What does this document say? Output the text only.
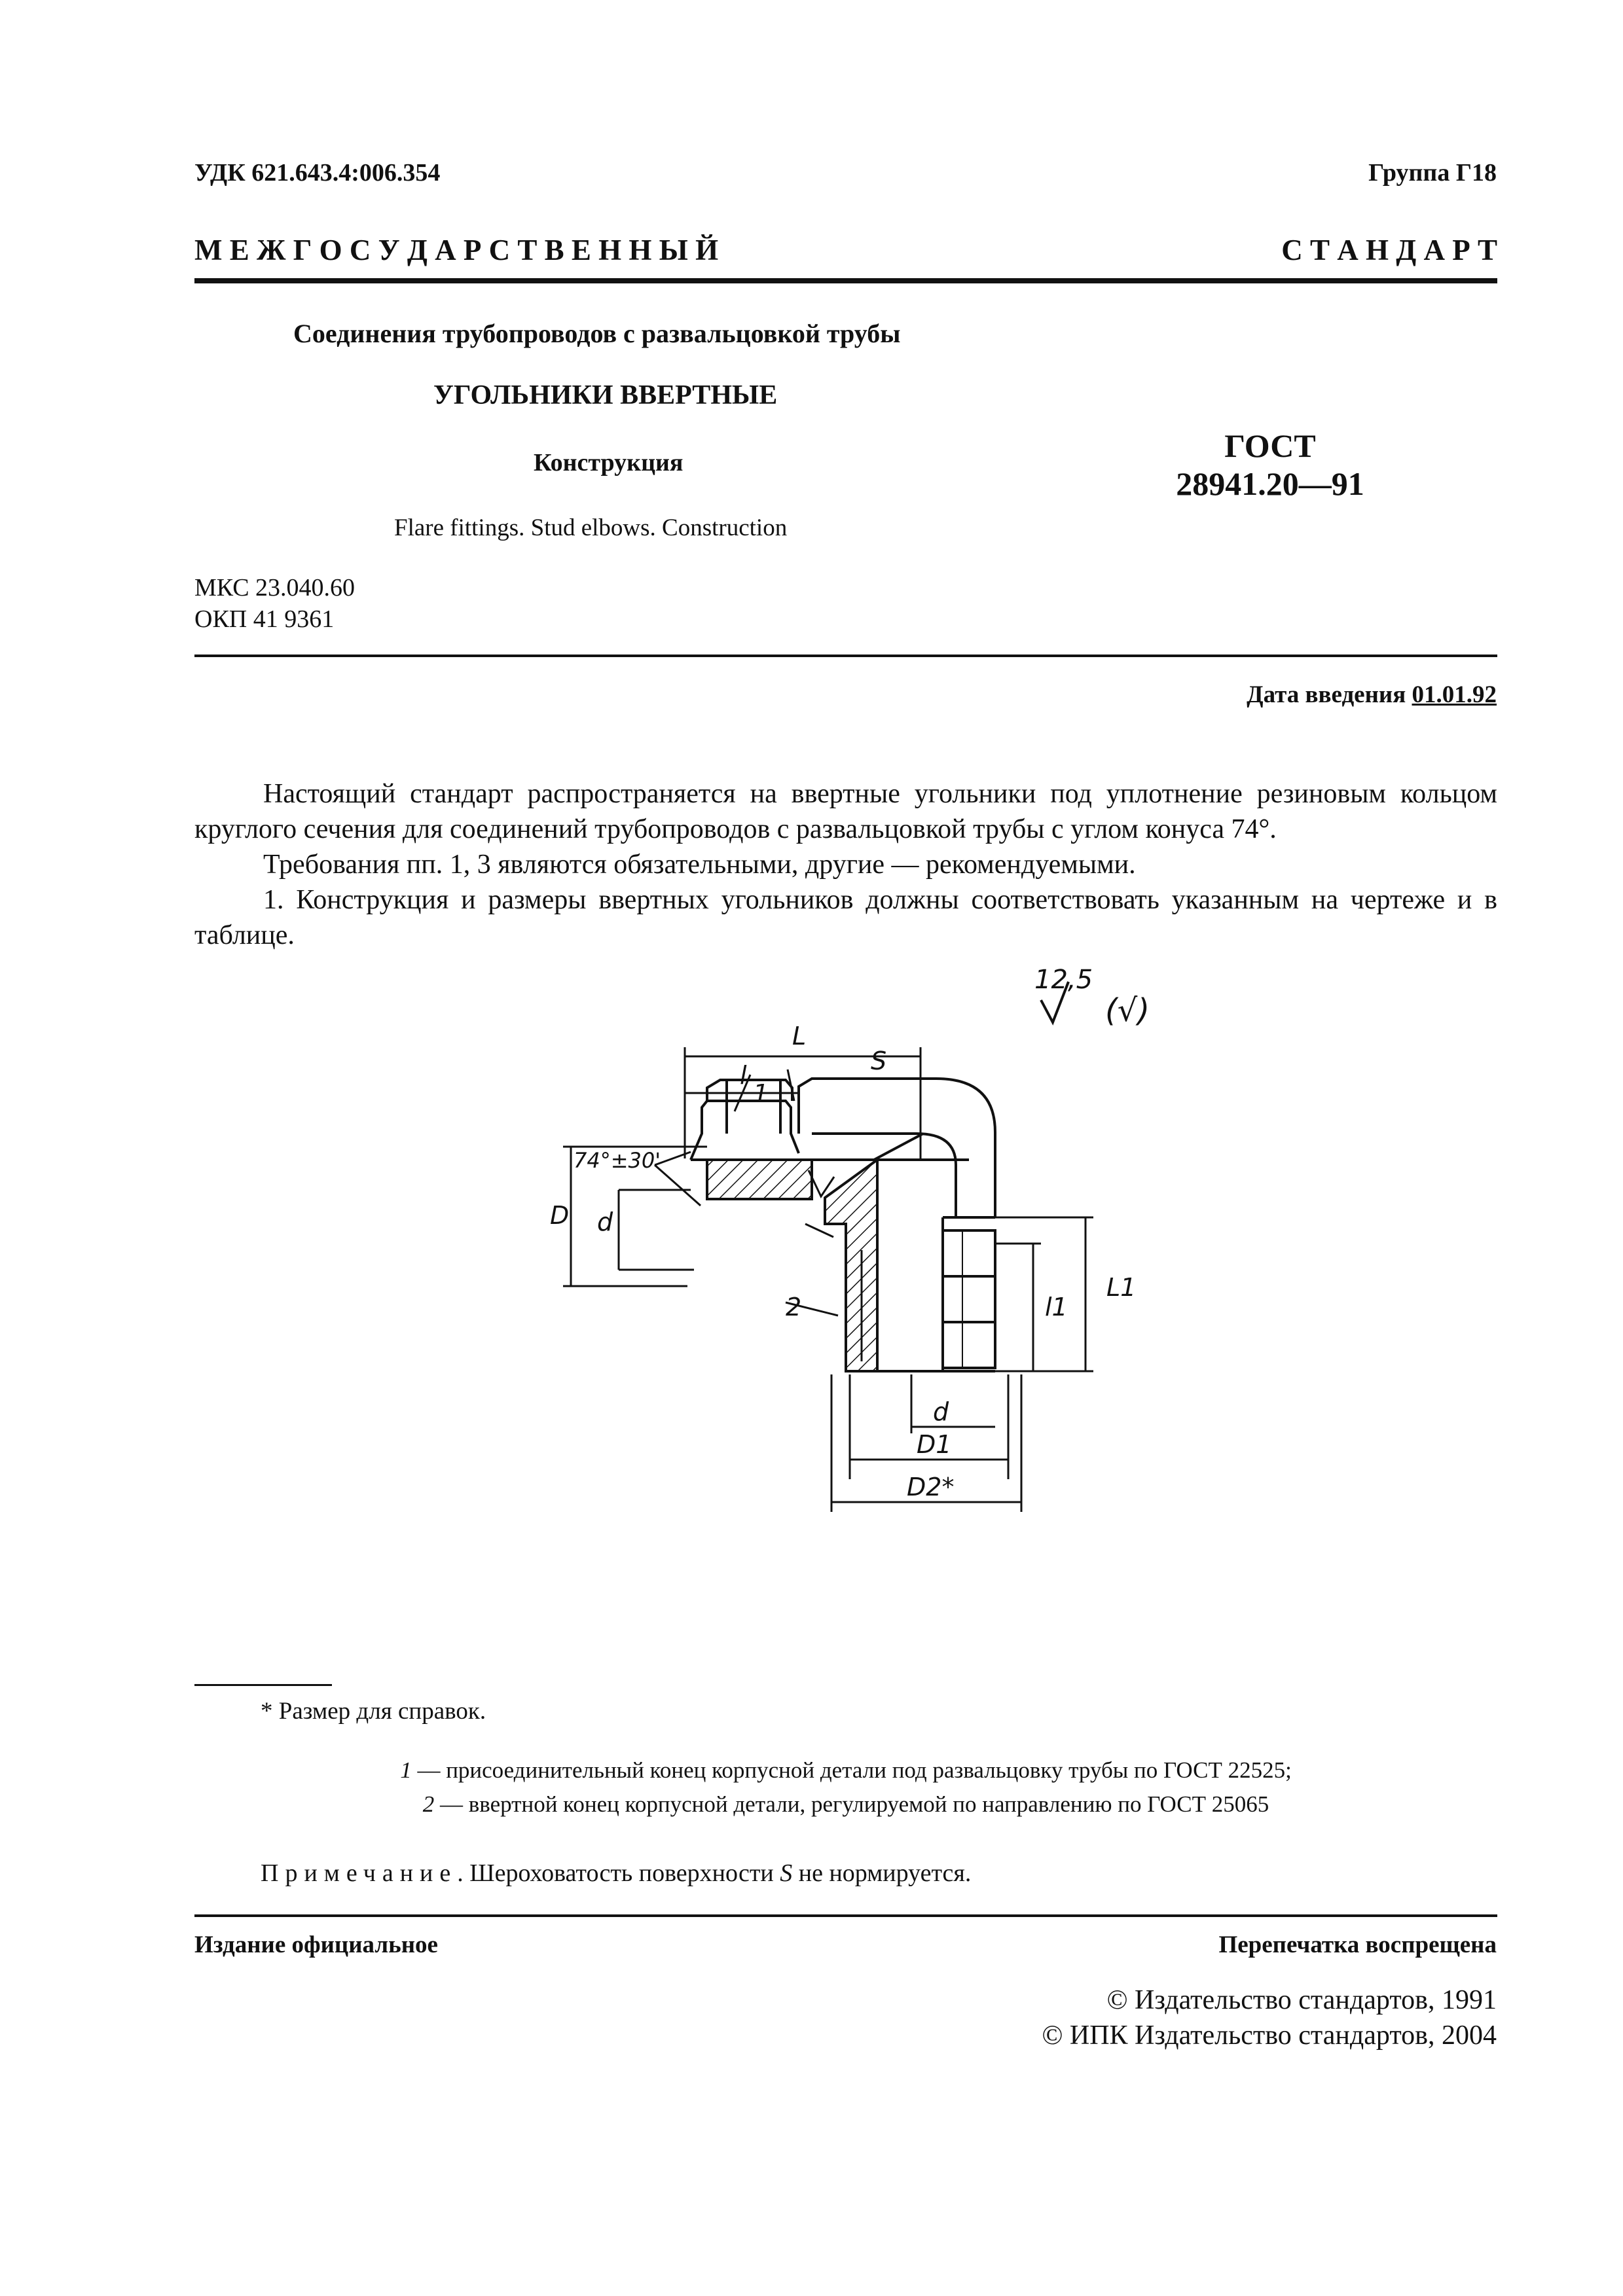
УДК 621.643.4:006.354	Группа Г18
М Е Ж Г О С У Д А Р С Т В Е Н Н Ы Й	С Т А Н Д А Р Т
Соединения трубопроводов с развальцовкой трубы
УГОЛЬНИКИ ВВЕРТНЫЕ
Конструкция	ГОСТ
28941.20—91
Flare fittings. Stud elbows. Construction
МКС 23.040.60
ОКП 41 9361
Дата введения 01.01.92
Настоящий стандарт распространяется на ввертные угольники под уплотнение резиновым кольцом круглого сечения для соединений трубопроводов с развальцовкой трубы с углом конуса 74°.
Требования пп. 1, 3 являются обязательными, другие — рекомендуемыми.
1. Конструкция и размеры ввертных угольников должны соответствовать указанным на чертеже и в таблице.
12,5
(√)
L
l	S
1
74°±30'
D d
L1
l1
2
d
D1
D2*
* Размер для справок.
1 — присоединительный конец корпусной детали под развальцовку трубы по ГОСТ 22525;
2 — ввертной конец корпусной детали, регулируемой по направлению по ГОСТ 25065
Примечание. Шероховатость поверхности S не нормируется.
Издание официальное	Перепечатка воспрещена
© Издательство стандартов, 1991
© ИПК Издательство стандартов, 2004
